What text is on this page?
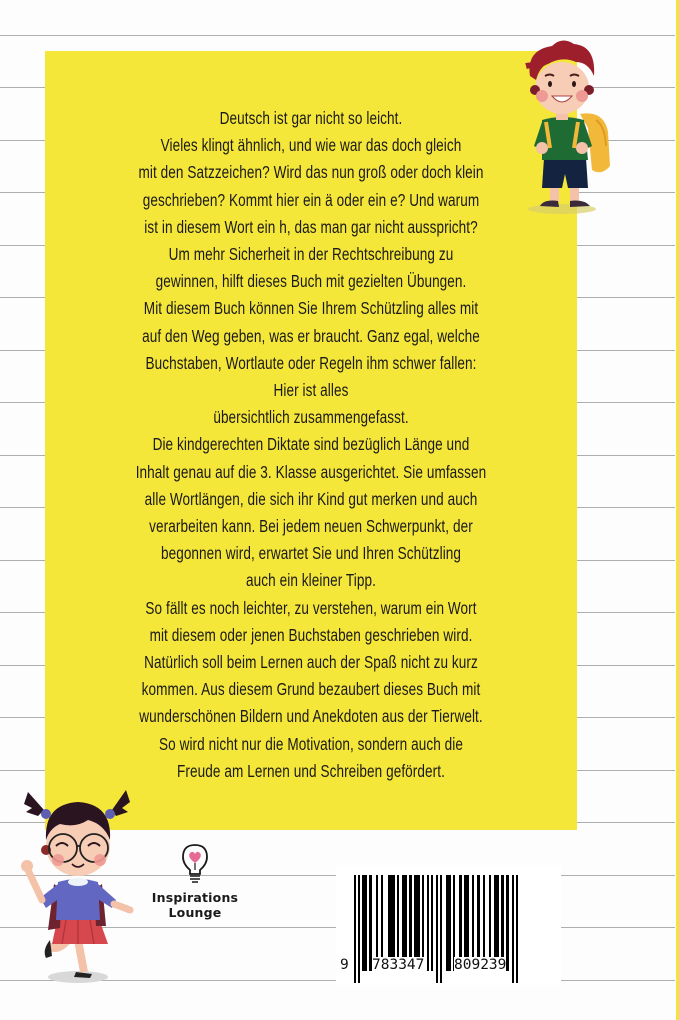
Deutsch ist gar nicht so leicht.
Vieles klingt ähnlich, und wie war das doch gleich
mit den Satzzeichen? Wird das nun groß oder doch klein
geschrieben? Kommt hier ein ä oder ein e? Und warum
ist in diesem Wort ein h, das man gar nicht ausspricht?
Um mehr Sicherheit in der Rechtschreibung zu
gewinnen, hilft dieses Buch mit gezielten Übungen.
Mit diesem Buch können Sie Ihrem Schützling alles mit
auf den Weg geben, was er braucht. Ganz egal, welche
Buchstaben, Wortlaute oder Regeln ihm schwer fallen:
Hier ist alles
übersichtlich zusammengefasst.
Die kindgerechten Diktate sind bezüglich Länge und
Inhalt genau auf die 3. Klasse ausgerichtet. Sie umfassen
alle Wortlängen, die sich ihr Kind gut merken und auch
verarbeiten kann. Bei jedem neuen Schwerpunkt, der
begonnen wird, erwartet Sie und Ihren Schützling
auch ein kleiner Tipp.
So fällt es noch leichter, zu verstehen, warum ein Wort
mit diesem oder jenen Buchstaben geschrieben wird.
Natürlich soll beim Lernen auch der Spaß nicht zu kurz
kommen. Aus diesem Grund bezaubert dieses Buch mit
wunderschönen Bildern und Anekdoten aus der Tierwelt.
So wird nicht nur die Motivation, sondern auch die
Freude am Lernen und Schreiben gefördert.
Inspirations
Lounge
9 783347 809239
